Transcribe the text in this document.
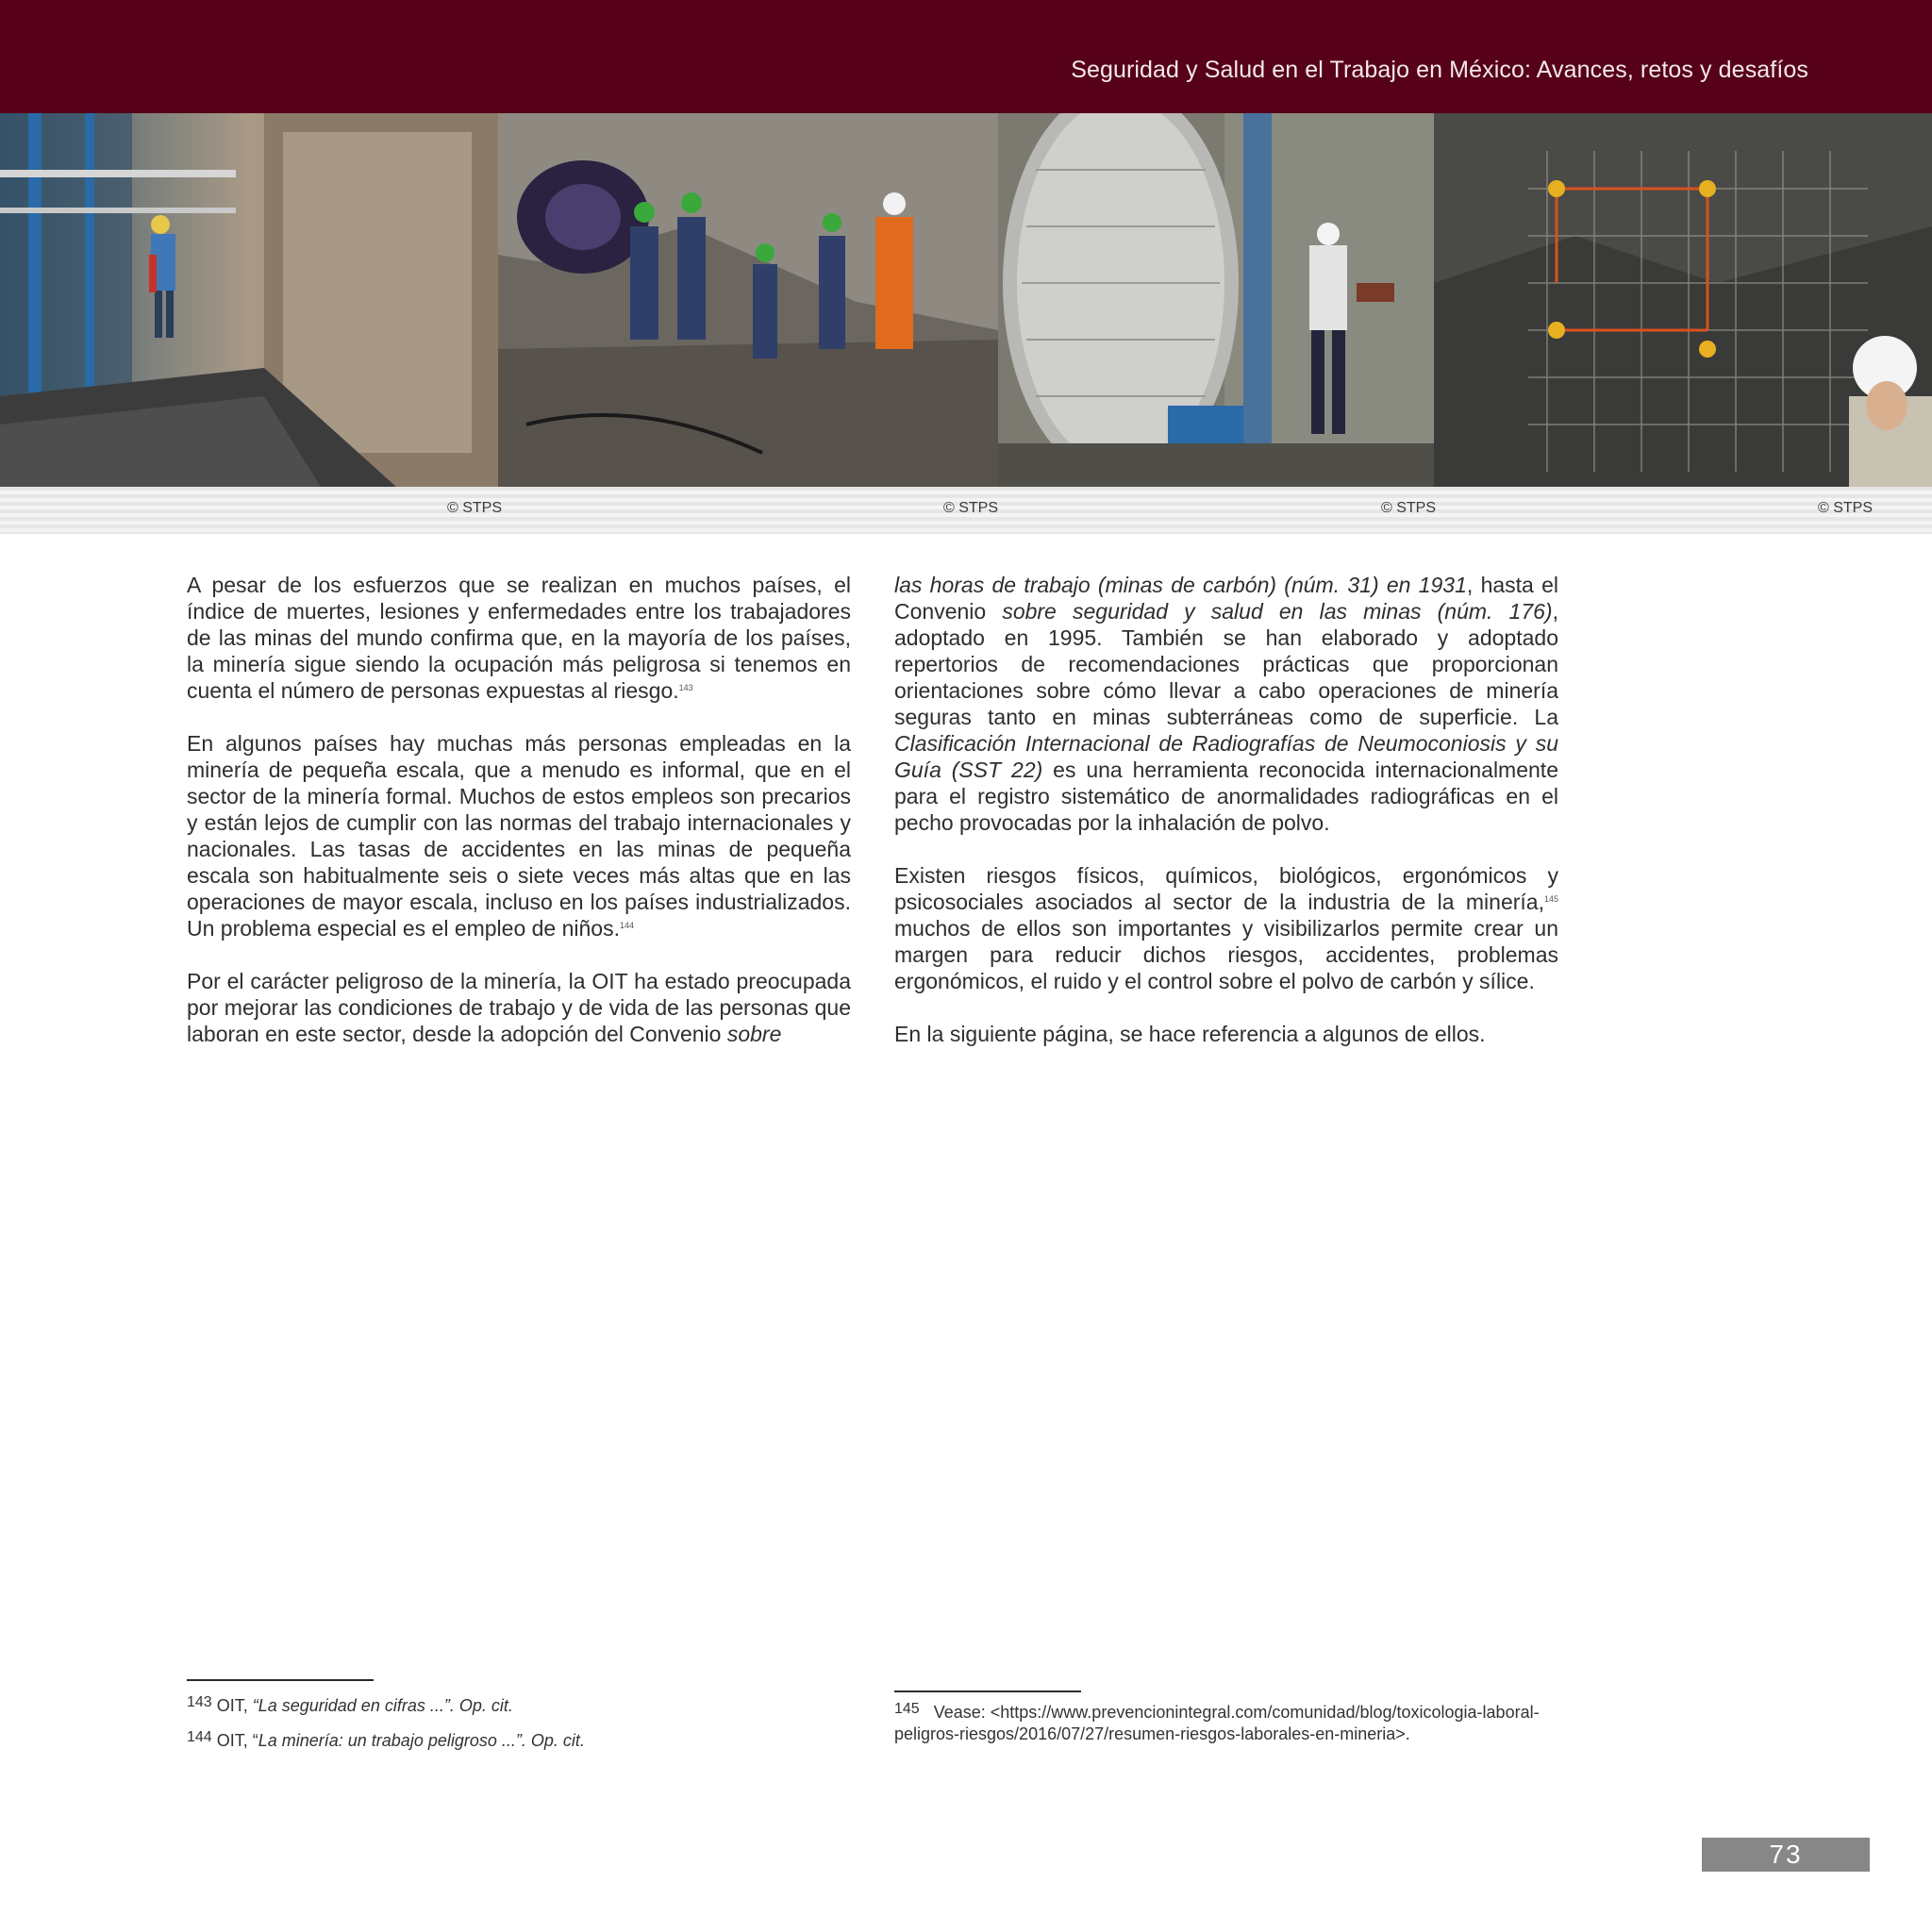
Seguridad y Salud en el Trabajo en México: Avances, retos y desafíos
© STPS	© STPS	© STPS	© STPS

A pesar de los esfuerzos que se realizan en muchos países, el índice de muertes, lesiones y enfermedades entre los trabajadores de las minas del mundo confirma que, en la mayoría de los países, la minería sigue siendo la ocupación más peligrosa si tenemos en cuenta el número de personas expuestas al riesgo.$^{143}$

En algunos países hay muchas más personas empleadas en la minería de pequeña escala, que a menudo es informal, que en el sector de la minería formal. Muchos de estos empleos son precarios y están lejos de cumplir con las normas del trabajo internacionales y nacionales. Las tasas de accidentes en las minas de pequeña escala son habitualmente seis o siete veces más altas que en las operaciones de mayor escala, incluso en los países industrializados. Un problema especial es el empleo de niños.$^{144}$

Por el carácter peligroso de la minería, la OIT ha estado preocupada por mejorar las condiciones de trabajo y de vida de las personas que laboran en este sector, desde la adopción del Convenio sobre

las horas de trabajo (minas de carbón) (núm. 31) en 1931, hasta el Convenio sobre seguridad y salud en las minas (núm. 176), adoptado en 1995. También se han elaborado y adoptado repertorios de recomendaciones prácticas que proporcionan orientaciones sobre cómo llevar a cabo operaciones de minería seguras tanto en minas subterráneas como de superficie. La Clasificación Internacional de Radiografías de Neumoconiosis y su Guía (SST 22) es una herramienta reconocida internacionalmente para el registro sistemático de anormalidades radiográficas en el pecho provocadas por la inhalación de polvo.

Existen riesgos físicos, químicos, biológicos, ergonómicos y psicosociales asociados al sector de la industria de la minería,$^{145}$ muchos de ellos son importantes y visibilizarlos permite crear un margen para reducir dichos riesgos, accidentes, problemas ergonómicos, el ruido y el control sobre el polvo de carbón y sílice.

En la siguiente página, se hace referencia a algunos de ellos.

143 OIT, “La seguridad en cifras ...”. Op. cit.
144 OIT, “La minería: un trabajo peligroso ...”. Op. cit.
145 Vease: <https://www.prevencionintegral.com/comunidad/blog/toxicologia-laboral-peligros-riesgos/2016/07/27/resumen-riesgos-laborales-en-mineria>.
73
